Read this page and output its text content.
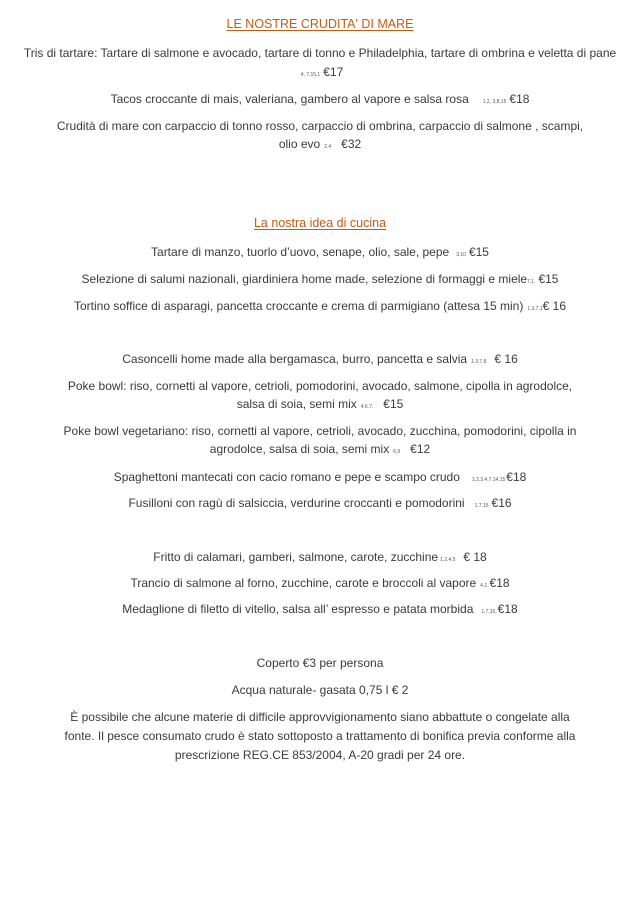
LE NOSTRE CRUDITA' DI MARE
Tris di tartare: Tartare di salmone e avocado, tartare di tonno e Philadelphia, tartare di ombrina e veletta di pane
4, 7,15,1 €17
Tacos croccante di mais, valeriana, gambero al vapore e salsa rosa	1,2, 3,8,15 €18
Crudità di mare con carpaccio di tonno rosso, carpaccio di ombrina, carpaccio di salmone , scampi,
olio evo 2.4 €32
La nostra idea di cucina
Tartare di manzo, tuorlo d’uovo, senape, olio, sale, pepe 3,10 €15
Selezione di salumi nazionali, giardiniera home made, selezione di formaggi e miele7,1. €15
Tortino soffice di asparagi, pancetta croccante e crema di parmigiano (attesa 15 min) 1.3,7,1€ 16
Casoncelli home made alla bergamasca, burro, pancetta e salvia 1.3.7.8 € 16
Poke bowl: riso, cornetti al vapore, cetrioli, pomodorini, avocado, salmone, cipolla in agrodolce,
salsa di soia, semi mix 4.6.7. €15
Poke bowl vegetariano: riso, cornetti al vapore, cetrioli, avocado, zucchina, pomodorini, cipolla in
agrodolce, salsa di soia, semi mix 6.9 €12
Spaghettoni mantecati con cacio romano e pepe e scampo crudo 1.2.3.4.7.14.15€18
Fusilloni con ragù di salsiccia, verdurine croccanti e pomodorini 1.7.15 €16
Fritto di calamari, gamberi, salmone, carote, zucchine 1.2.4.5 € 18
Trancio di salmone al forno, zucchine, carote e broccoli al vapore 4.1.€18
Medaglione di filetto di vitello, salsa all’ espresso e patata morbida 1,7,15,€18
Coperto €3 per persona
Acqua naturale- gasata 0,75 l € 2
È possibile che alcune materie di difficile approvvigionamento siano abbattute o congelate alla fonte. Il pesce consumato crudo è stato sottoposto a trattamento di bonifica previa conforme alla prescrizione REG.CE 853/2004, A-20 gradi per 24 ore.
